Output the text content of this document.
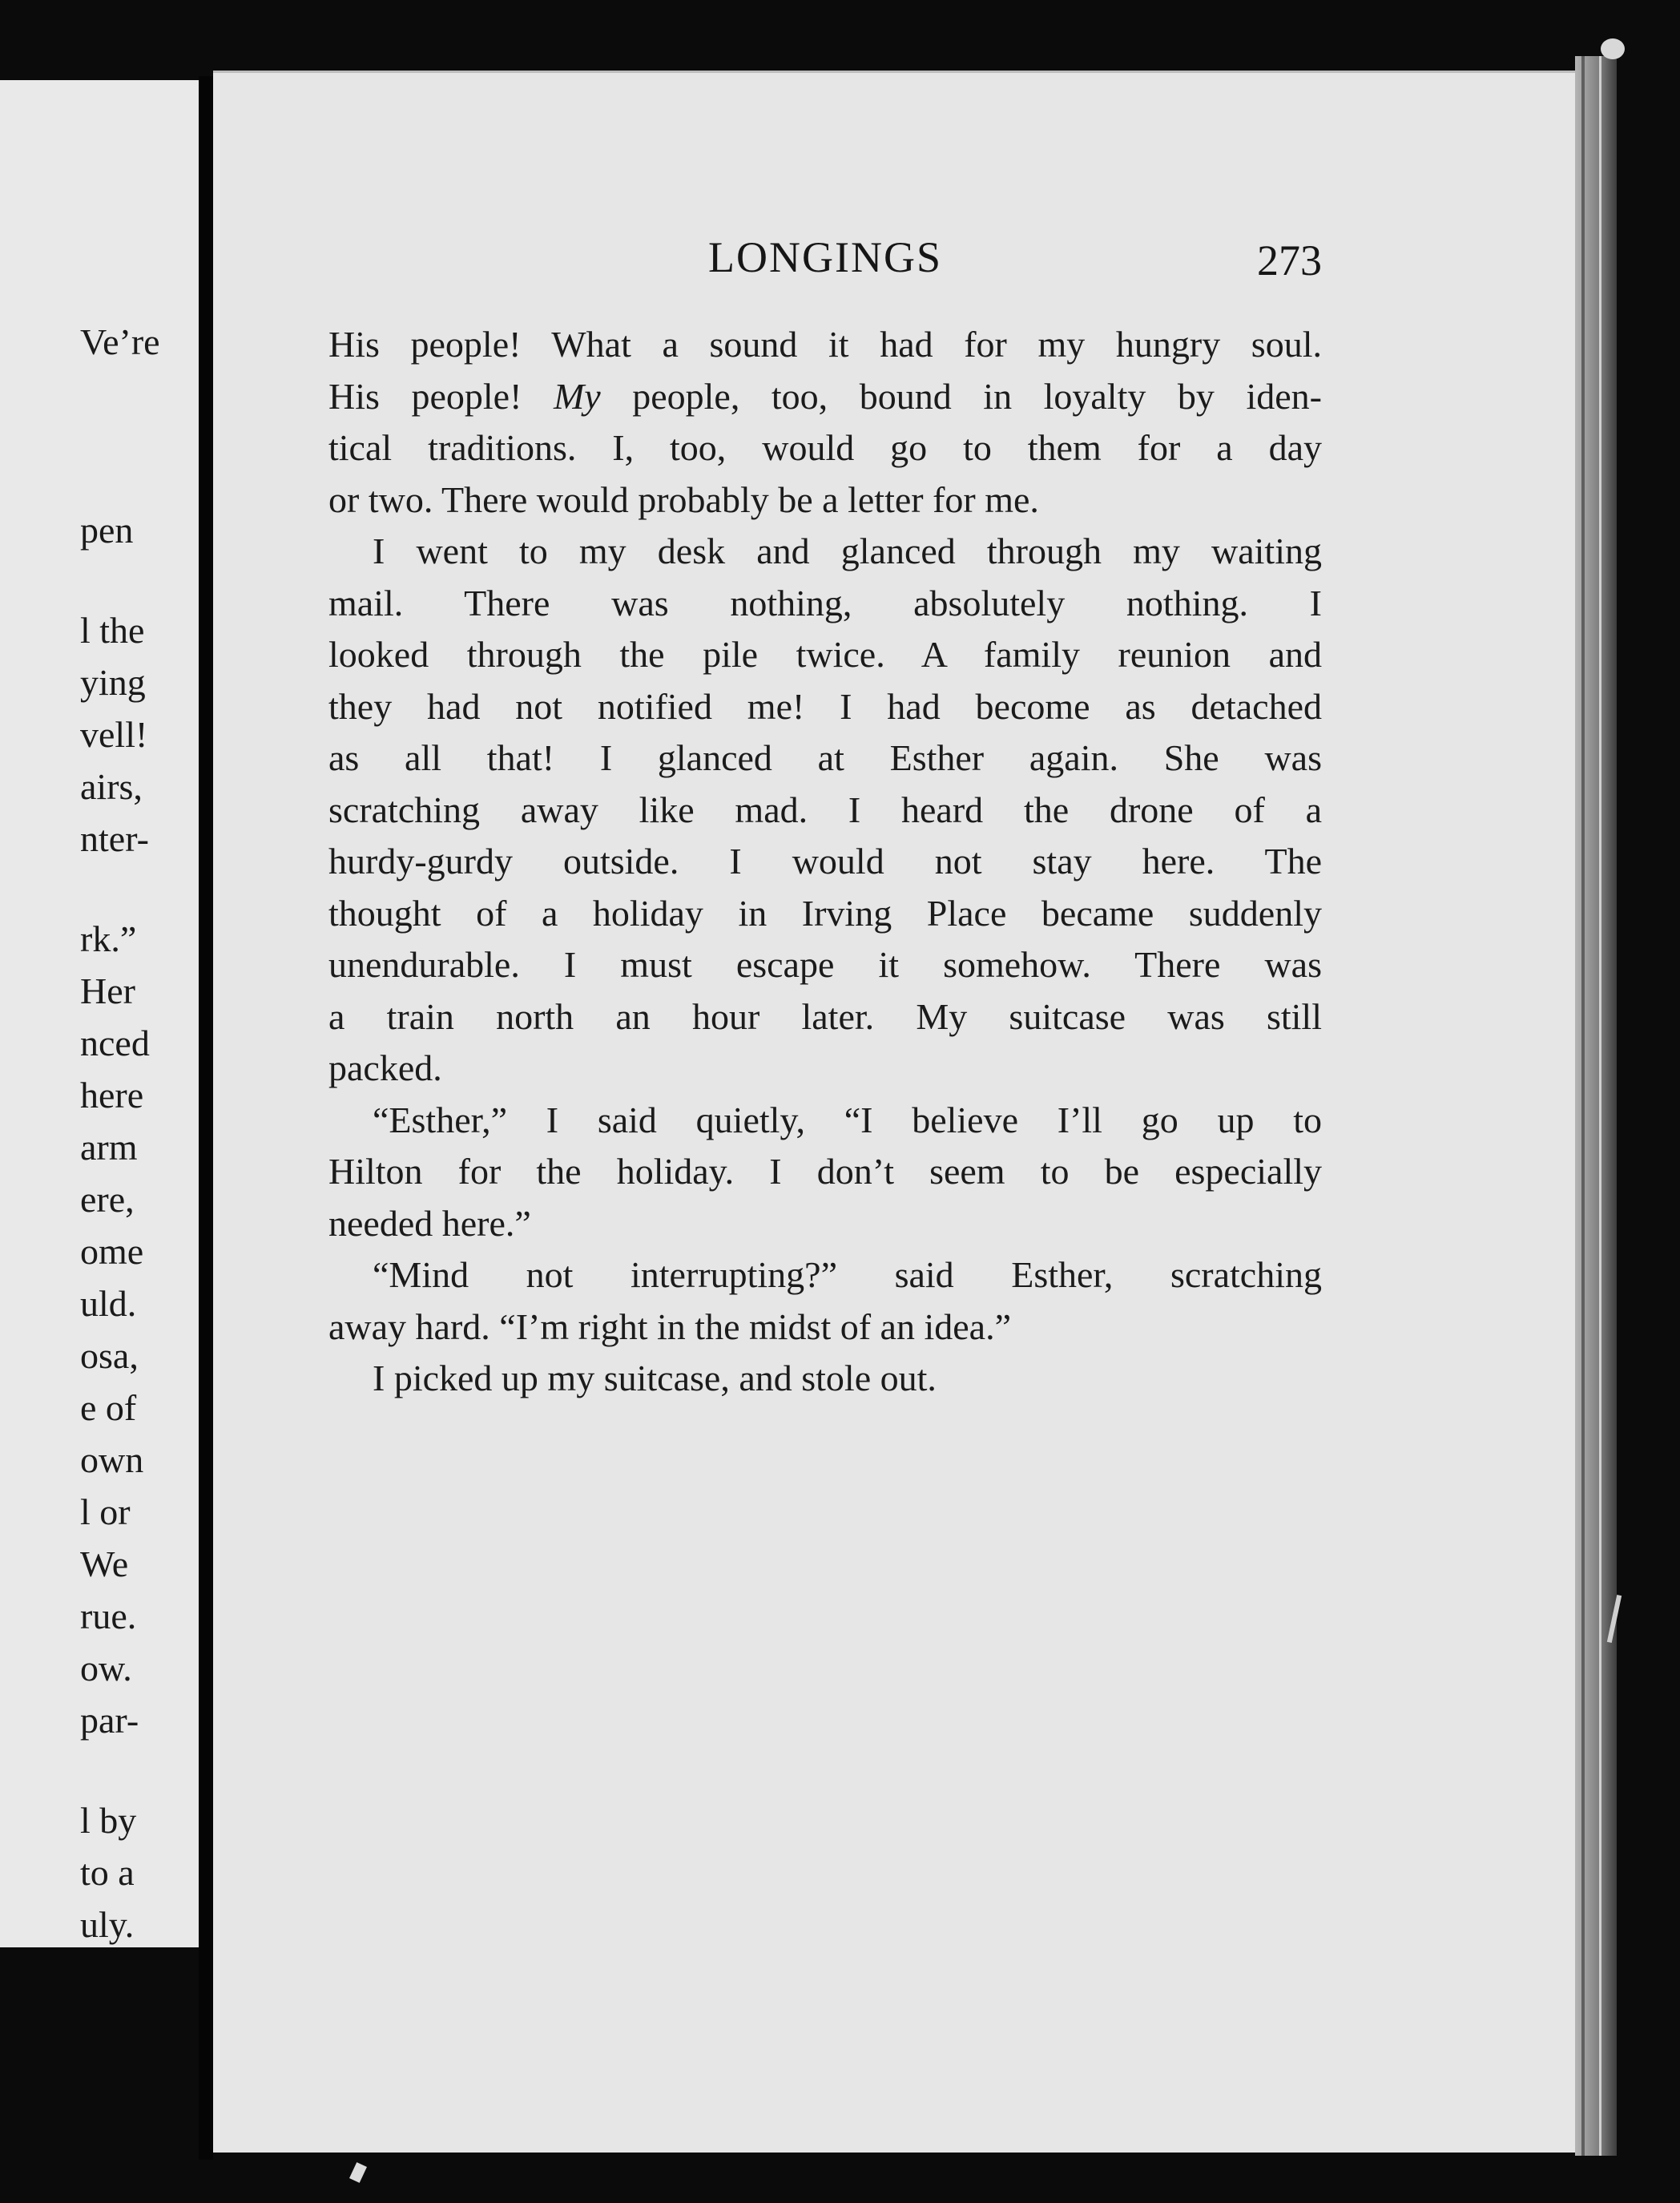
Ve’re
pen
l the
ying
vell!
airs,
nter-
rk.”
Her
nced
here
arm
ere,
ome
uld.
osa,
e of
own
l or
We
rue.
ow.
par-
l by
to a
uly.
LONGINGS	273
His people! What a sound it had for my hungry soul.
His people! My people, too, bound in loyalty by iden-
tical traditions. I, too, would go to them for a day
or two. There would probably be a letter for me.
I went to my desk and glanced through my waiting
mail. There was nothing, absolutely nothing. I
looked through the pile twice. A family reunion and
they had not notified me! I had become as detached
as all that! I glanced at Esther again. She was
scratching away like mad. I heard the drone of a
hurdy-gurdy outside. I would not stay here. The
thought of a holiday in Irving Place became suddenly
unendurable. I must escape it somehow. There was
a train north an hour later. My suitcase was still
packed.
“Esther,” I said quietly, “I believe I’ll go up to
Hilton for the holiday. I don’t seem to be especially
needed here.”
“Mind not interrupting?” said Esther, scratching
away hard. “I’m right in the midst of an idea.”
I picked up my suitcase, and stole out.
